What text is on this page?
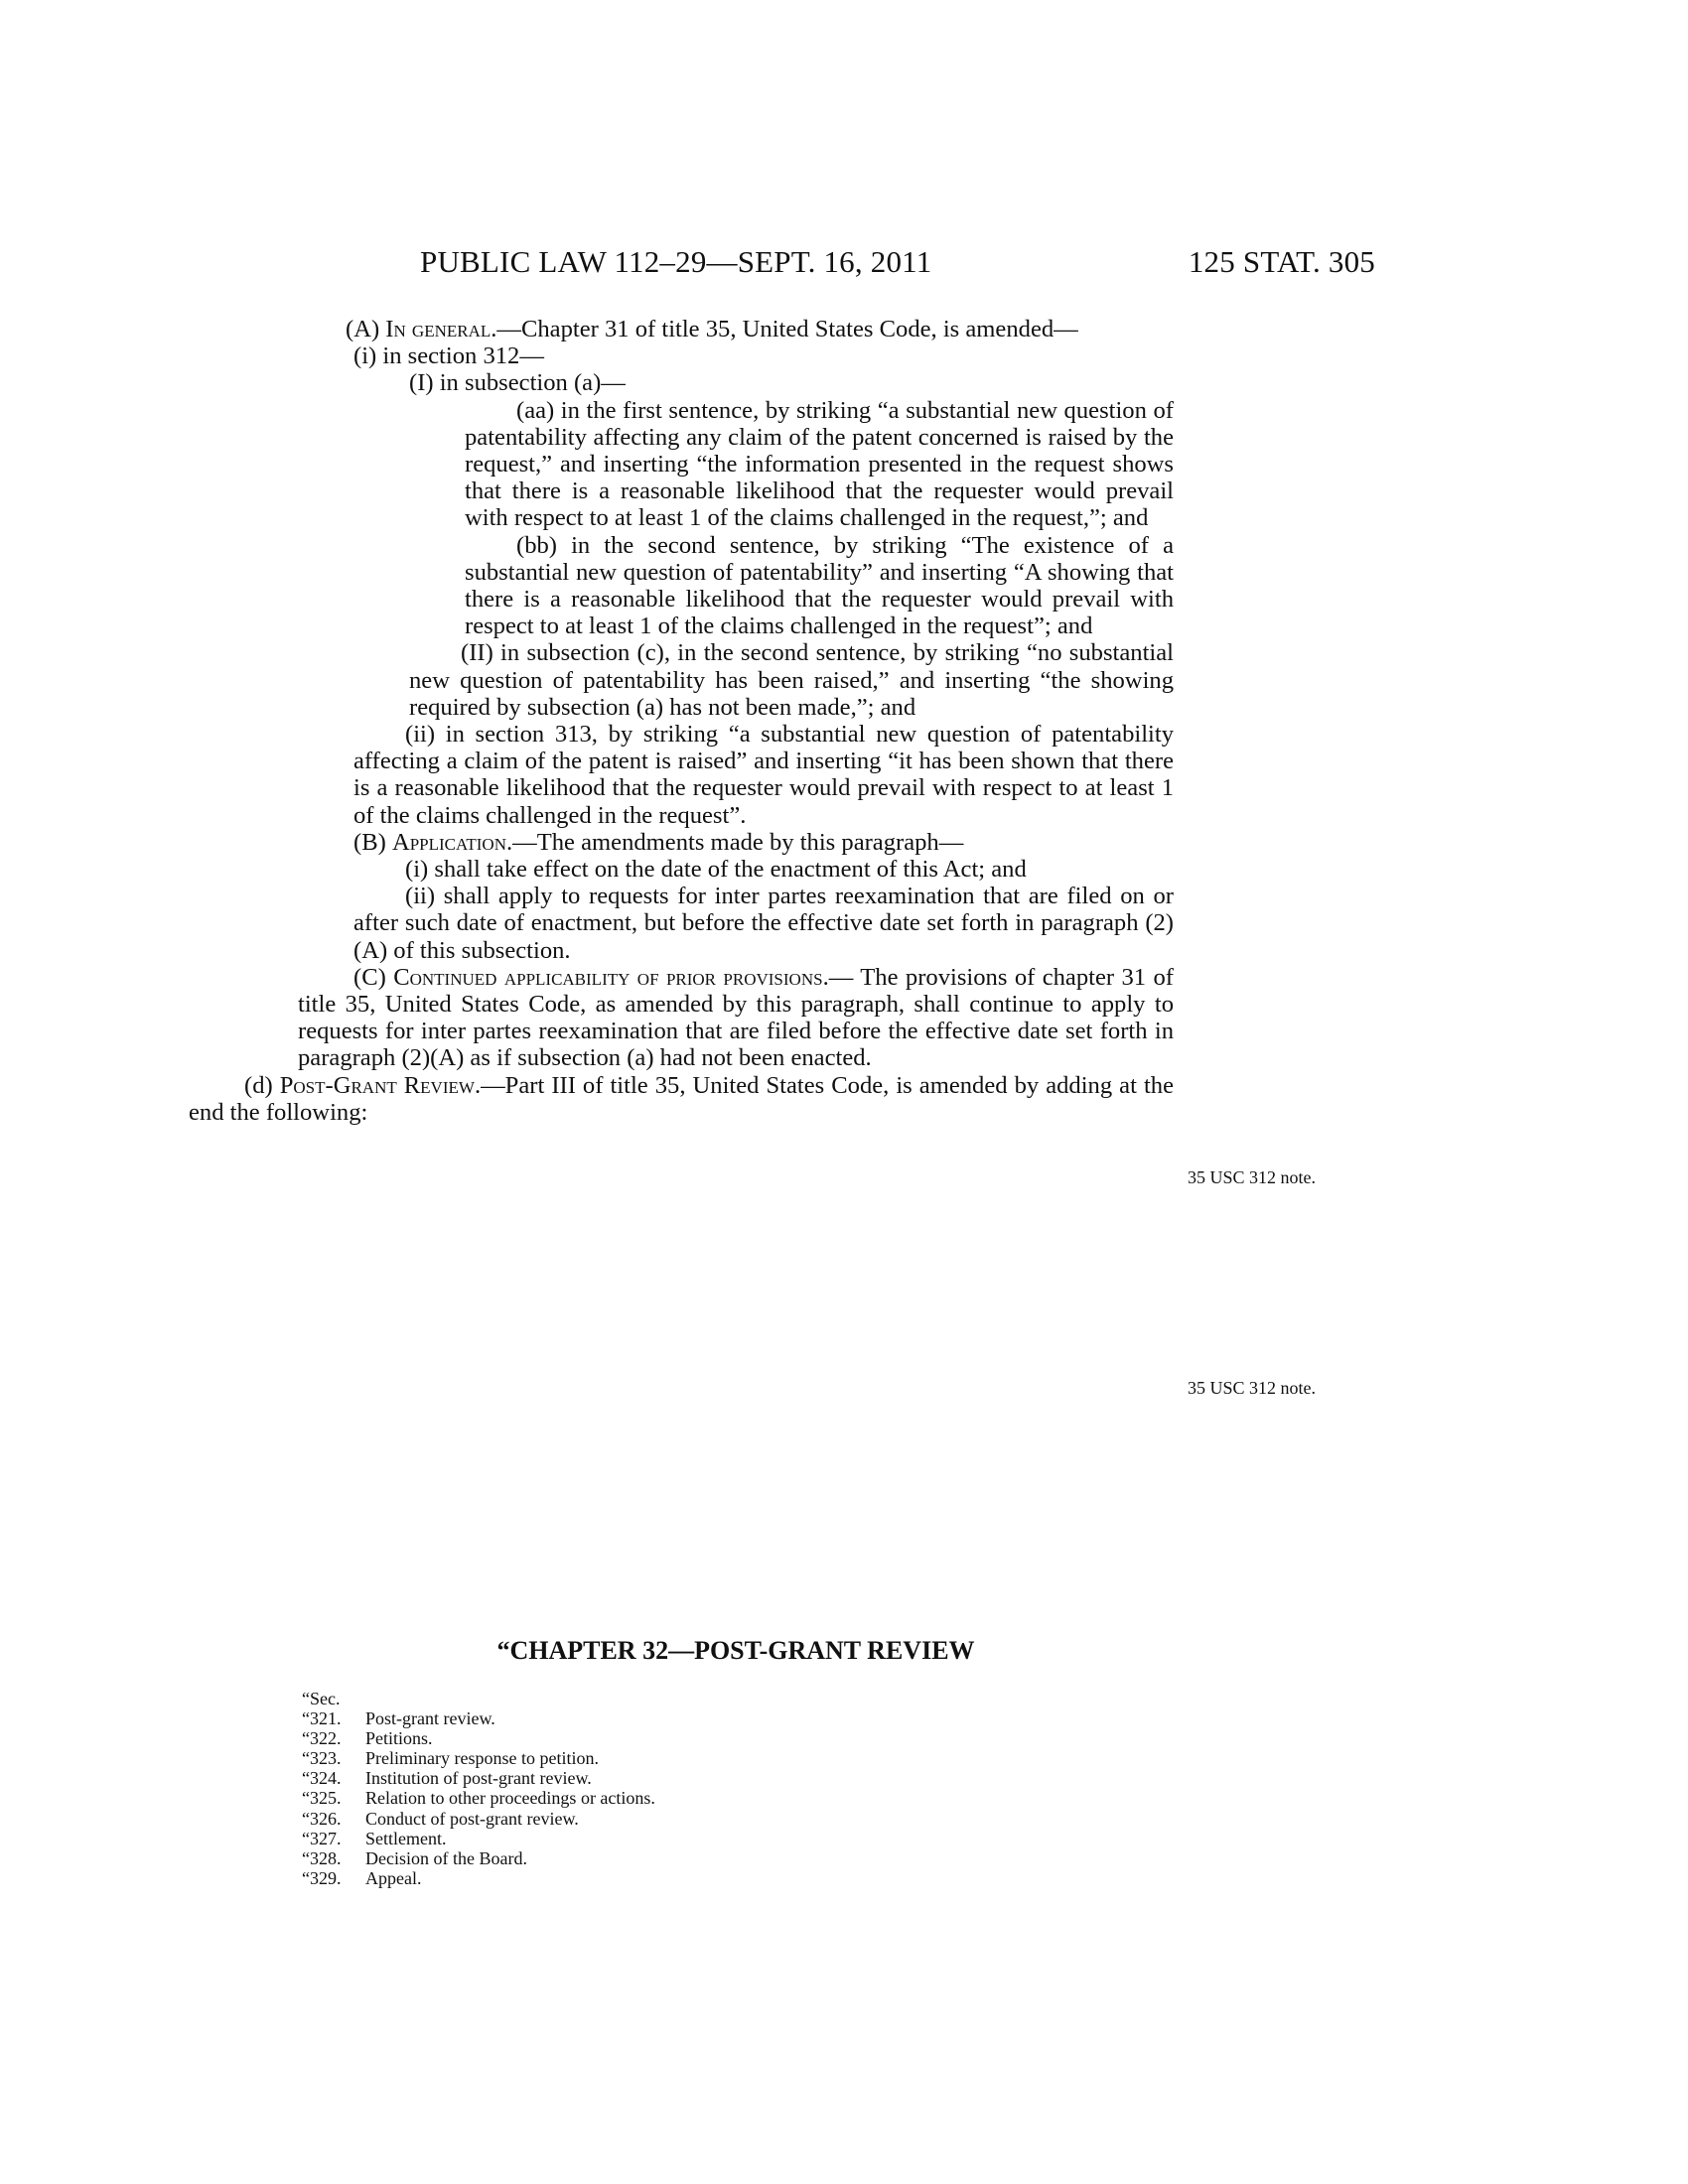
PUBLIC LAW 112–29—SEPT. 16, 2011	125 STAT. 305

(A) In general.—Chapter 31 of title 35, United States Code, is amended—

(i) in section 312—

(I) in subsection (a)—

(aa) in the first sentence, by striking “a substantial new question of patentability affecting any claim of the patent concerned is raised by the request,” and inserting “the information presented in the request shows that there is a reasonable likelihood that the requester would prevail with respect to at least 1 of the claims challenged in the request,”; and

(bb) in the second sentence, by striking “The existence of a substantial new question of patentability” and inserting “A showing that there is a reasonable likelihood that the requester would prevail with respect to at least 1 of the claims challenged in the request”; and

(II) in subsection (c), in the second sentence, by striking “no substantial new question of patentability has been raised,” and inserting “the showing required by subsection (a) has not been made,”; and

(ii) in section 313, by striking “a substantial new question of patentability affecting a claim of the patent is raised” and inserting “it has been shown that there is a reasonable likelihood that the requester would prevail with respect to at least 1 of the claims challenged in the request”.

(B) Application.—The amendments made by this paragraph—

(i) shall take effect on the date of the enactment of this Act; and

(ii) shall apply to requests for inter partes reexamination that are filed on or after such date of enactment, but before the effective date set forth in paragraph (2)(A) of this subsection.

(C) Continued applicability of prior provisions.— The provisions of chapter 31 of title 35, United States Code, as amended by this paragraph, shall continue to apply to requests for inter partes reexamination that are filed before the effective date set forth in paragraph (2)(A) as if subsection (a) had not been enacted.

(d) Post-Grant Review.—Part III of title 35, United States Code, is amended by adding at the end the following:

35 USC 312 note.
35 USC 312 note.
“CHAPTER 32—POST-GRANT REVIEW
“Sec.
“321. Post-grant review.
“322. Petitions.
“323. Preliminary response to petition.
“324. Institution of post-grant review.
“325. Relation to other proceedings or actions.
“326. Conduct of post-grant review.
“327. Settlement.
“328. Decision of the Board.
“329. Appeal.
